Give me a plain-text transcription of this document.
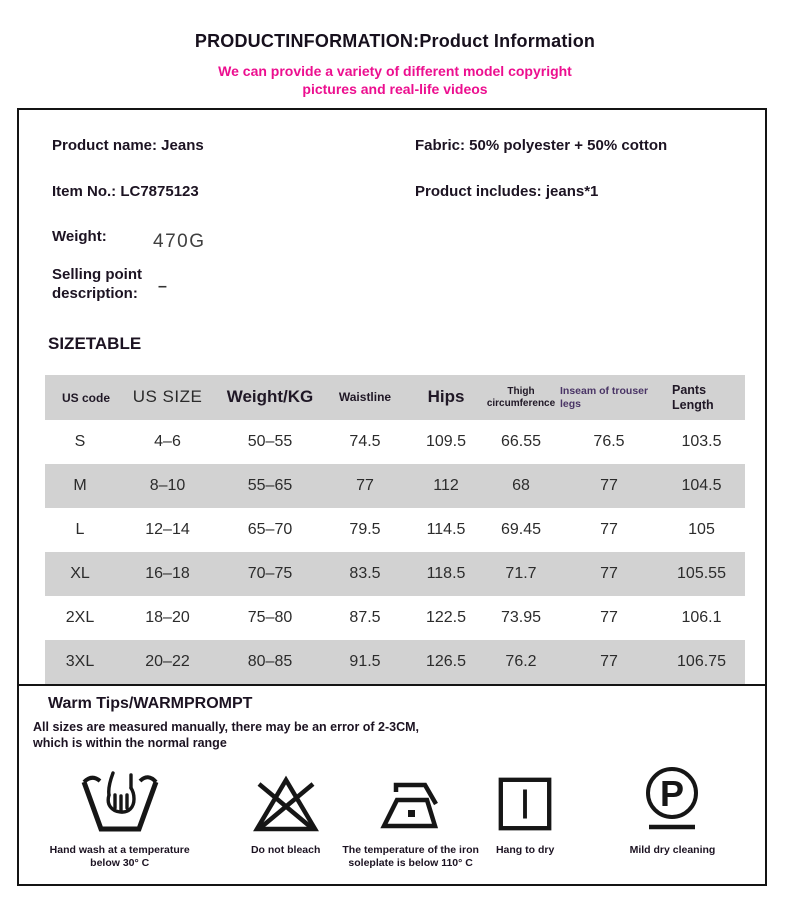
PRODUCTINFORMATION:Product Information
We can provide a variety of different model copyright
pictures and real-life videos
Product name: Jeans	Fabric: 50% polyester + 50% cotton
Item No.: LC7875123	Product includes: jeans*1
Weight: 470G
Selling point description:	–
SIZETABLE
US code	US SIZE	Weight/KG	Waistline	Hips	Thigh circumference	Inseam of trouser legs	Pants Length
S	4–6	50–55	74.5	109.5	66.55	76.5	103.5
M	8–10	55–65	77	112	68	77	104.5
L	12–14	65–70	79.5	114.5	69.45	77	105
XL	16–18	70–75	83.5	118.5	71.7	77	105.55
2XL	18–20	75–80	87.5	122.5	73.95	77	106.1
3XL	20–22	80–85	91.5	126.5	76.2	77	106.75
Warm Tips/WARMPROMPT
All sizes are measured manually, there may be an error of 2-3CM,
which is within the normal range
Hand wash at a temperature below 30° C
Do not bleach	The temperature of the iron soleplate is below 110° C
Hang to dry
P
Mild dry cleaning
